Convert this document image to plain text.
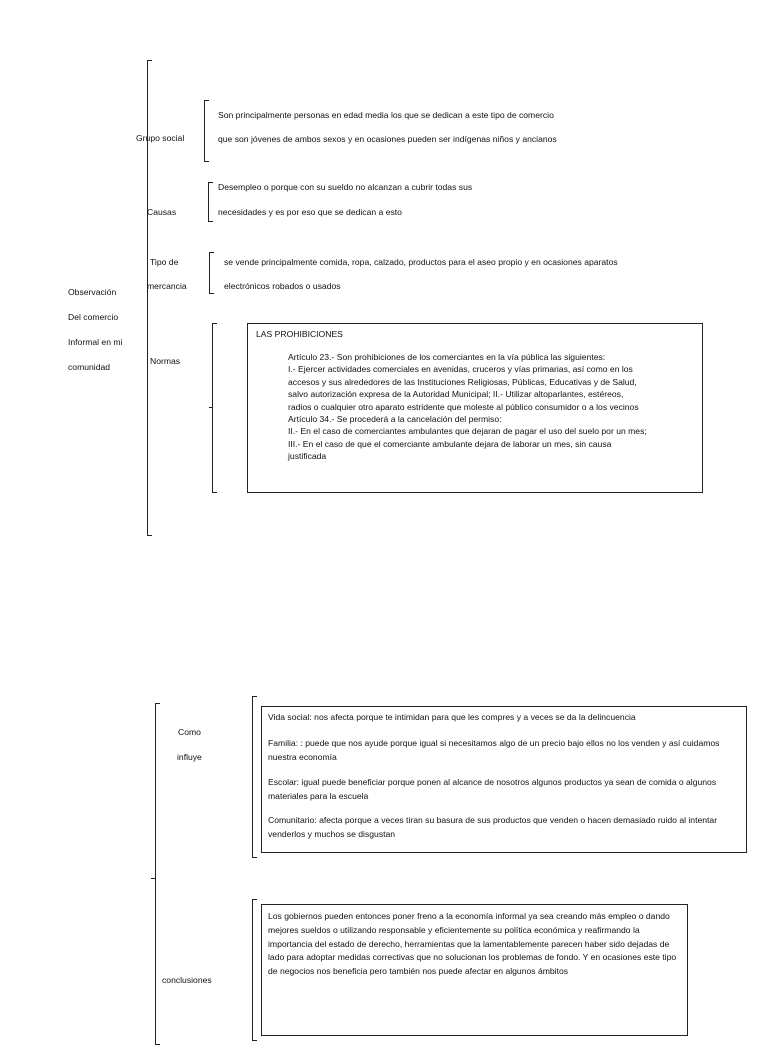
Observación
Del comercio
Informal en mi
comunidad
Grupo social
Son principalmente personas en edad media los que se dedican a este tipo de comercio
que son jóvenes de ambos sexos y en ocasiones pueden ser indígenas niños y ancianos
Causas
Desempleo o porque con su sueldo no alcanzan a cubrir todas sus
necesidades y es por eso que se dedican a esto
Tipo de
mercancia
se vende principalmente comida, ropa, calzado, productos para el aseo propio y en ocasiones aparatos
electrónicos robados o usados
Normas
LAS PROHIBICIONES
Artículo 23.- Son prohibiciones de los comerciantes en la vía pública las siguientes:
I.- Ejercer actividades comerciales en avenidas, cruceros y vías primarias, así como en los
accesos y sus alrededores de las Instituciones Religiosas, Públicas, Educativas y de Salud,
salvo autorización expresa de la Autoridad Municipal; II.- Utilizar altoparlantes, estéreos,
radios o cualquier otro aparato estridente que moleste al público consumidor o a los vecinos
Artículo 34.- Se procederá a la cancelación del permiso:
II.- En el caso de comerciantes ambulantes que dejaran de pagar el uso del suelo por un mes;
III.- En el caso de que el comerciante ambulante dejara de laborar un mes, sin causa
justificada
Como
influye
Vida social: nos afecta porque te intimidan para que les compres y a veces se da la delincuencia
Familia: : puede que nos ayude porque igual si necesitamos algo de un precio bajo ellos no los venden y así cuidamos nuestra economía
Escolar: igual puede beneficiar porque ponen al alcance de nosotros algunos productos ya sean de comida o algunos materiales para la escuela
Comunitario: afecta porque a veces tiran su basura de sus productos que venden o hacen demasiado ruido al intentar venderlos y muchos se disgustan
conclusiones
Los gobiernos pueden entonces poner freno a la economía informal ya sea creando más empleo o dando mejores sueldos o utilizando responsable y eficientemente su política económica y reafirmando la importancia del estado de derecho, herramientas que la lamentablemente parecen haber sido dejadas de lado para adoptar medidas correctivas que no solucionan los problemas de fondo. Y en ocasiones este tipo de negocios nos beneficia pero también nos puede afectar en algunos ámbitos
